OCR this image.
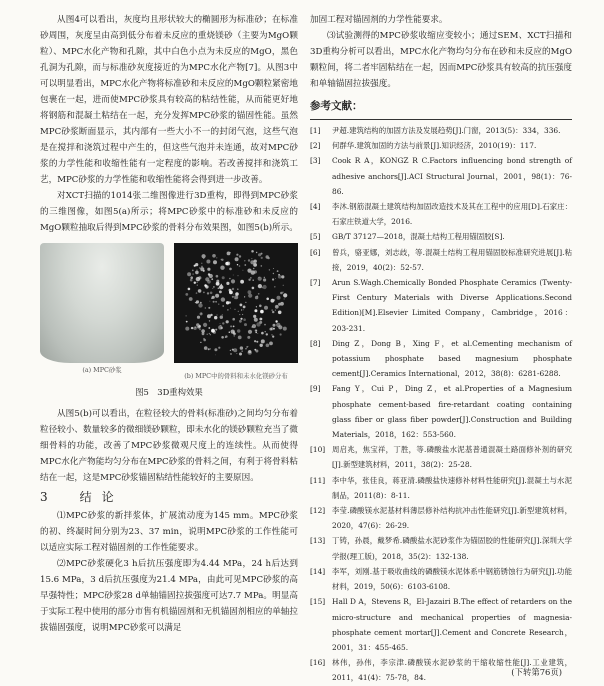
从图4可以看出，灰度均且形状较大的椭圆形为标准砂；在标准砂周围，灰度呈由高到低分布着未反应的重烧镁砂（主要为MgO颗粒）、MPC水化产物和孔隙，其中白色小点为未反应的MgO，黑色孔洞为孔隙，而与标准砂灰度接近的为MPC水化产物[7]。从图3中可以明显看出，MPC水化产物将标准砂和未反应的MgO颗粒紧密地包裹在一起，进而使MPC砂浆具有较高的粘结性能，从而能更好地将钢筋和混凝土粘结在一起，充分发挥MPC砂浆的锚固性能。虽然MPC砂浆断面显示，其内部有一些大小不一的封闭气泡，这些气泡是在搅拌和浇筑过程中产生的，但这些气泡并未连通，故对MPC砂浆的力学性能和收缩性能有一定程度的影响。若改善搅拌和浇筑工艺，MPC砂浆的力学性能和收缩性能将会得到进一步改善。

对XCT扫描的1014张二维图像进行3D重构，即得到MPC砂浆的三维图像，如图5(a)所示；将MPC砂浆中的标准砂和未反应的MgO颗粒抽取后得到MPC砂浆的骨料分布效果图，如图5(b)所示。

(a) MPC砂浆
(b) MPC中的骨料和未水化镁砂分布
图5　3D重构效果

从图5(b)可以看出，在粒径较大的骨料(标准砂)之间均匀分布着粒径较小、数量较多的微细镁砂颗粒，即未水化的镁砂颗粒充当了微细骨料的功能，改善了MPC砂浆微观尺度上的连续性。从而使得MPC水化产物能均匀分布在MPC砂浆的骨料之间，有利于将骨料粘结在一起，这是MPC砂浆锚固粘结性能较好的主要原因。

3　结论

⑴MPC砂浆的新拌浆体，扩展流动度为145 mm。MPC砂浆的初、终凝时间分别为23、37 min，说明MPC砂浆的工作性能可以适应实际工程对锚固剂的工作性能要求。

⑵MPC砂浆硬化3 h后抗压强度即为4.44 MPa，24 h后达到15.6 MPa，3 d后抗压强度为21.4 MPa，由此可见MPC砂浆的高早强特性；MPC砂浆28 d单轴锚固拉拔强度可达7.7 MPa。明显高于实际工程中使用的部分市售有机锚固剂和无机锚固剂相应的单轴拉拔锚固强度，说明MPC砂浆可以满足

加固工程对锚固剂的力学性能要求。

⑶试验测得的MPC砂浆收缩应变较小；通过SEM、XCT扫描和3D重构分析可以看出，MPC水化产物均匀分布在砂和未反应的MgO颗粒间，将二者牢固粘结在一起，因而MPC砂浆具有较高的抗压强度和单轴锚固拉拔强度。

参考文献：
[1]	尹超.建筑结构的加固方法及发展趋势[J].门窗，2013(5)：334，336.
[2]	何群华.建筑加固的方法与前景[J].知识经济，2010(19)：117.
[3]	Cook R A，KONGZ R C.Factors influencing bond strength of adhesive anchors[J].ACI Structural Journal，2001，98(1)：76-86.
[4]	李沐.钢筋混凝土建筑结构加固改造技术及其在工程中的应用[D].石家庄：石家庄铁道大学，2016.
[5]	GB/T 37127—2018，混凝土结构工程用锚固胶[S].
[6]	曾兵，骆亚娜，刘志歧，等.混凝土结构工程用锚固胶标准研究进展[J].粘接，2019，40(2)：52-57.
[7]	Arun S.Wagh.Chemically Bonded Phosphate Ceramics (Twenty-First Century Materials with Diverse Applications.Second Edition)[M].Elsevier Limited Company，Cambridge，2016：203-231.
[8]	Ding Z，Dong B，Xing F，et al.Cementing mechanism of potassium phosphate based magnesium phosphate cement[J].Ceramics International，2012，38(8)：6281-6288.
[9]	Fang Y，Cui P，Ding Z，et al.Properties of a Magnesium phosphate cement-based fire-retardant coating containing glass fiber or glass fiber powder[J].Construction and Building Materials，2018，162：553-560.
[10] 周启兆，焦宝祥，丁胜，等.磷酸盐水泥基普通混凝土路面修补剂的研究[J].新型建筑材料，2011，38(2)：25-28.
[11] 李中华，张佳良，蒋亚清.磷酸盐快速修补材料性能研究[J].混凝土与水泥制品，2011(8)：8-11.
[12] 李莹.磷酸镁水泥基材料薄层修补结构抗冲击性能研究[J].新型建筑材料，2020，47(6)：26-29.
[13] 丁铸，孙晨，戴梦希.磷酸盐水泥砂浆作为锚固胶的性能研究[J].深圳大学学报(理工版)，2018，35(2)：132-138.
[14] 李军，刘刚.基于吸收曲线的磷酸镁水泥体系中钢筋锈蚀行为研究[J].功能材料，2019，50(6)：6103-6108.
[15] Hall D A，Stevens R，El-Jazairi B.The effect of retarders on the micro-structure and mechanical properties of magnesia-phosphate cement mortar[J].Cement and Concrete Research，2001，31：455-465.
[16] 林伟，孙伟，李宗津.磷酸镁水泥砂浆的干缩收缩性能[J].工业建筑，2011，41(4)：75-78，84.
(下转第76页)
